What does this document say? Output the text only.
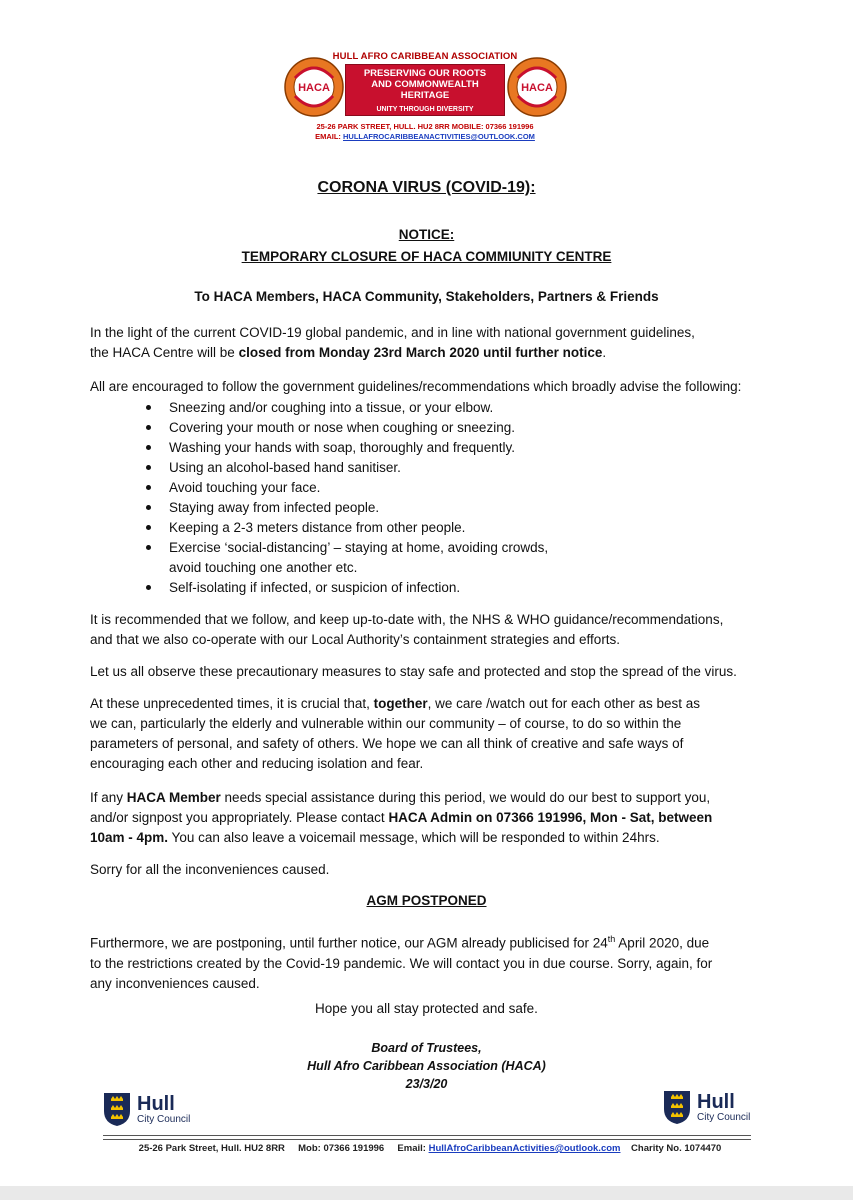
HULL AFRO CARIBBEAN ASSOCIATION
HACA
PRESERVING OUR ROOTS
AND COMMONWEALTH
HERITAGE
UNITY THROUGH DIVERSITY
HACA
25-26 PARK STREET, HULL. HU2 8RR MOBILE: 07366 191996
EMAIL: HULLAFROCARIBBEANACTIVITIES@OUTLOOK.COM
CORONA VIRUS (COVID-19):
NOTICE:
TEMPORARY CLOSURE OF HACA COMMIUNITY CENTRE
To HACA Members, HACA Community, Stakeholders, Partners & Friends

In the light of the current COVID-19 global pandemic, and in line with national government guidelines,
the HACA Centre will be closed from Monday 23rd March 2020 until further notice.

All are encouraged to follow the government guidelines/recommendations which broadly advise the following:

Sneezing and/or coughing into a tissue, or your elbow.
Covering your mouth or nose when coughing or sneezing.
Washing your hands with soap, thoroughly and frequently.
Using an alcohol-based hand sanitiser.
Avoid touching your face.
Staying away from infected people.
Keeping a 2-3 meters distance from other people.
Exercise ‘social-distancing’ – staying at home, avoiding crowds,
avoid touching one another etc.
Self-isolating if infected, or suspicion of infection.

It is recommended that we follow, and keep up-to-date with, the NHS & WHO guidance/recommendations,
and that we also co-operate with our Local Authority’s containment strategies and efforts.

Let us all observe these precautionary measures to stay safe and protected and stop the spread of the virus.

At these unprecedented times, it is crucial that, together, we care /watch out for each other as best as
we can, particularly the elderly and vulnerable within our community – of course, to do so within the
parameters of personal, and safety of others. We hope we can all think of creative and safe ways of
encouraging each other and reducing isolation and fear.

If any HACA Member needs special assistance during this period, we would do our best to support you,
and/or signpost you appropriately. Please contact HACA Admin on 07366 191996, Mon - Sat, between
10am - 4pm. You can also leave a voicemail message, which will be responded to within 24hrs.

Sorry for all the inconveniences caused.

AGM POSTPONED

Furthermore, we are postponing, until further notice, our AGM already publicised for 24th April 2020, due
to the restrictions created by the Covid-19 pandemic. We will contact you in due course. Sorry, again, for
any inconveniences caused.

Hope you all stay protected and safe.
Board of Trustees,
Hull Afro Caribbean Association (HACA)
23/3/20
Hull
City Council
Hull
City Council
25-26 Park Street, Hull. HU2 8RR Mob: 07366 191996 Email: HullAfroCaribbeanActivities@outlook.com Charity No. 1074470
